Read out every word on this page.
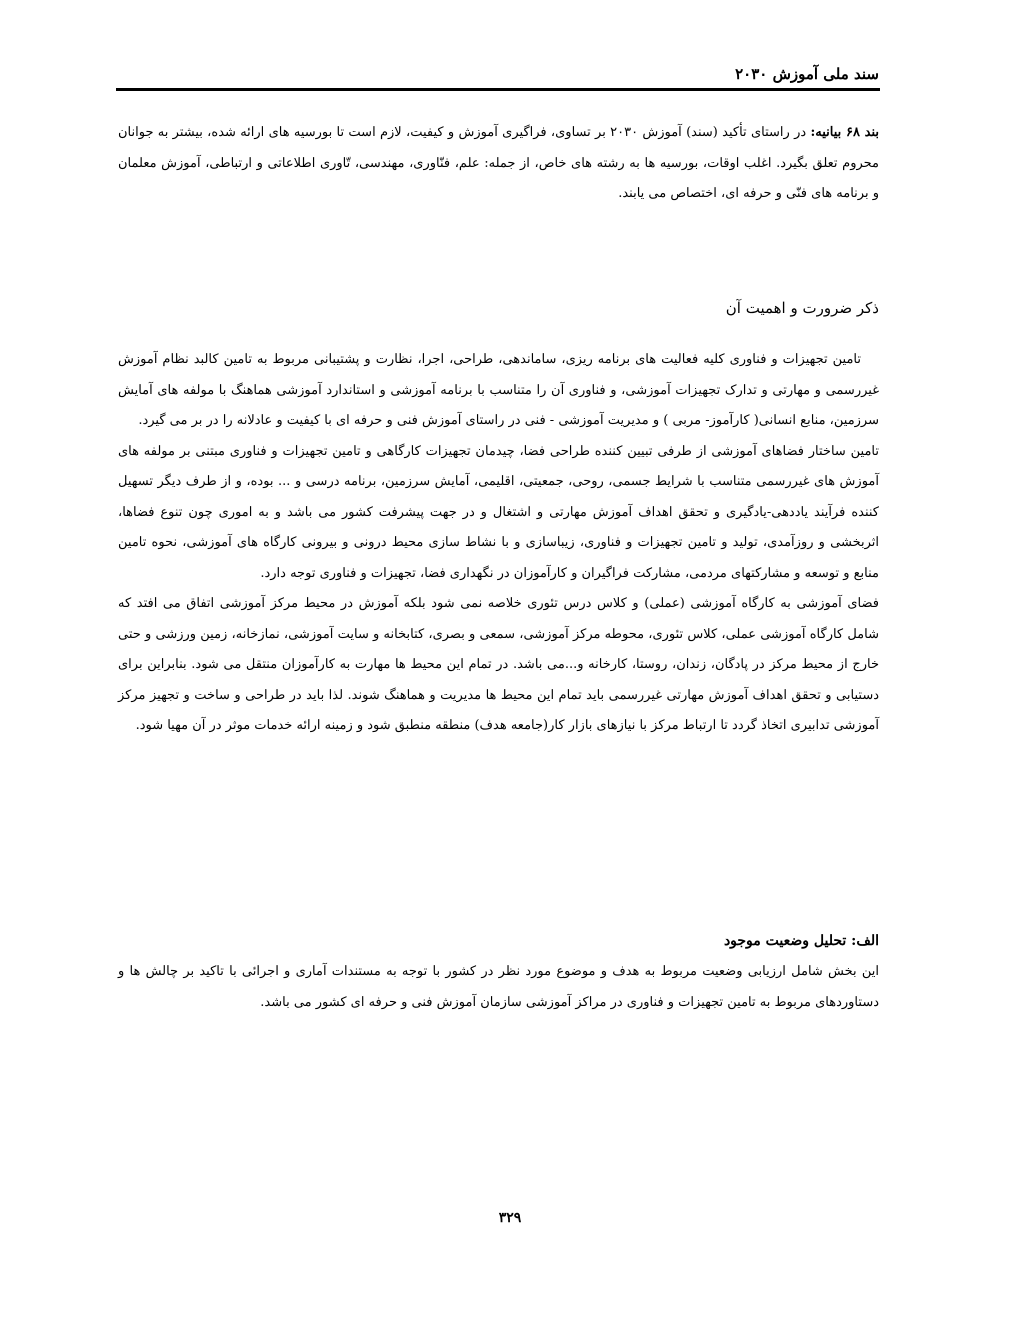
سند ملی آموزش ۲۰۳۰

بند ۶۸ بیانیه: در راستای تأکید (سند) آموزش ۲۰۳۰ بر تساوی، فراگیری آموزش و کیفیت، لازم است تا بورسیه های ارائه شده، بیشتر به جوانان محروم تعلق بگیرد. اغلب اوقات، بورسیه ها به رشته های خاص، از جمله: علم، فنّاوری، مهندسی، تّاوری اطلاعاتی و ارتباطی، آموزش معلمان و برنامه های فنّی و حرفه ای، اختصاص می یابند.

ذکر ضرورت و اهمیت آن

تامین تجهیزات و فناوری کلیه فعالیت های برنامه ریزی، ساماندهی، طراحی، اجرا، نظارت و پشتیبانی مربوط به تامین کالبد نظام آموزش غیررسمی و مهارتی و تدارک تجهیزات آموزشی، و فناوری آن را متناسب با برنامه آموزشی و استاندارد آموزشی هماهنگ با مولفه های آمایش سرزمین، منابع انسانی( کارآموز- مربی ) و مدیریت آموزشی - فنی در راستای آموزش فنی و حرفه ای با کیفیت و عادلانه را در بر می گیرد.

تامین ساختار فضاهای آموزشی از طرفی تبیین کننده طراحی فضا، چیدمان تجهیزات کارگاهی و تامین تجهیزات و فناوری مبتنی بر مولفه های آموزش های غیررسمی متناسب با شرایط جسمی، روحی، جمعیتی، اقلیمی، آمایش سرزمین، برنامه درسی و ... بوده، و از طرف دیگر تسهیل کننده فرآیند یاددهی-یادگیری و تحقق اهداف آموزش مهارتی و اشتغال و در جهت پیشرفت کشور می باشد و به اموری چون تنوع فضاها، اثربخشی و روزآمدی، تولید و تامین تجهیزات و فناوری، زیباسازی و با نشاط سازی محیط درونی و بیرونی کارگاه های آموزشی، نحوه تامین منابع و توسعه و مشارکتهای مردمی، مشارکت فراگیران و کارآموزان در نگهداری فضا، تجهیزات و فناوری توجه دارد.

فضای آموزشی به کارگاه آموزشی (عملی) و کلاس درس تئوری خلاصه نمی شود بلکه آموزش در محیط مرکز آموزشی اتفاق می افتد که شامل کارگاه آموزشی عملی، کلاس تئوری، محوطه مرکز آموزشی، سمعی و بصری، کتابخانه و سایت آموزشی، نمازخانه، زمین ورزشی و حتی خارج از محیط مرکز در پادگان، زندان، روستا، کارخانه و...می باشد. در تمام این محیط ها مهارت به کارآموزان منتقل می شود. بنابراین برای دستیابی و تحقق اهداف آموزش مهارتی غیررسمی باید تمام این محیط ها مدیریت و هماهنگ شوند. لذا باید در طراحی و ساخت و تجهیز مرکز آموزشی تدابیری اتخاذ گردد تا ارتباط مرکز با نیازهای بازار کار(جامعه هدف) منطقه منطبق شود و زمینه ارائه خدمات موثر در آن مهیا شود.

الف: تحلیل وضعیت موجود

این بخش شامل ارزیابی وضعیت مربوط به هدف و موضوع مورد نظر در کشور با توجه به مستندات آماری و اجرائی با تاکید بر چالش ها و دستاوردهای مربوط به تامین تجهیزات و فناوری در مراکز آموزشی سازمان آموزش فنی و حرفه ای کشور می باشد.

۳۲۹
